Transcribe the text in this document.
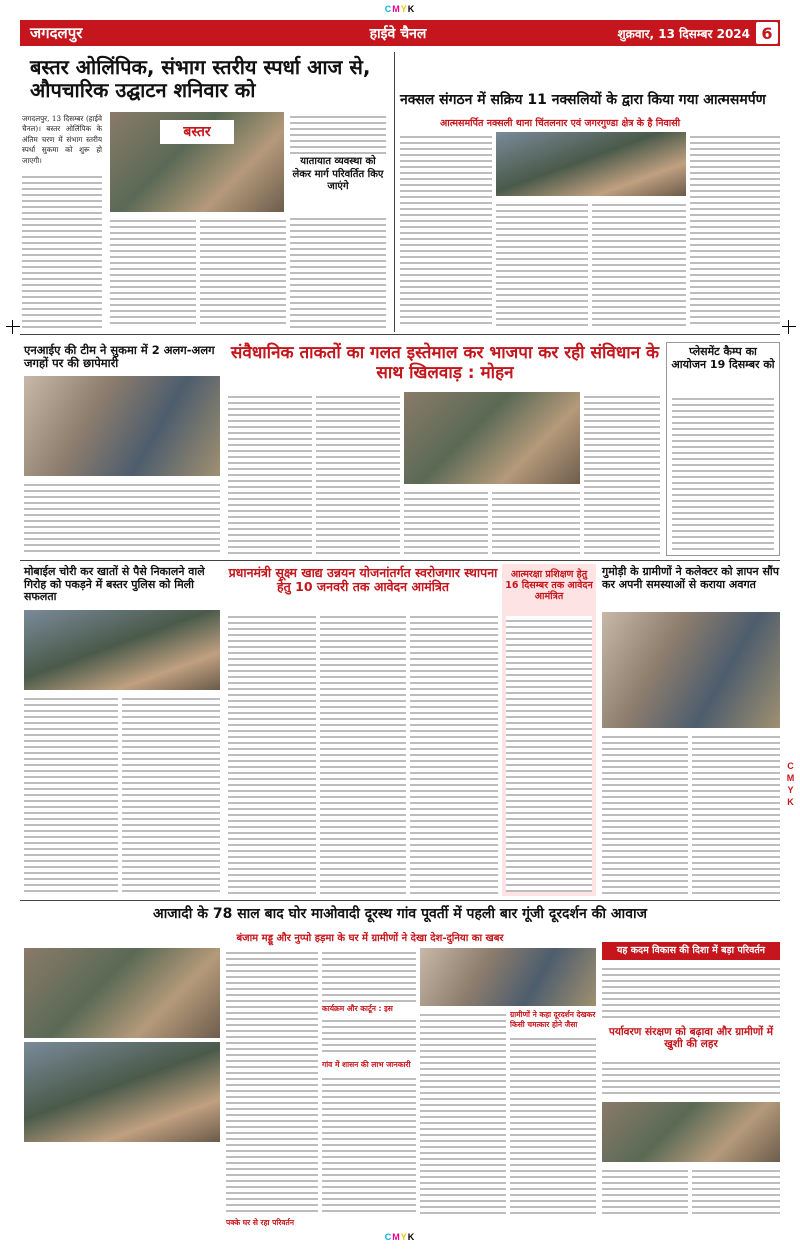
CMYK
C M Y K
जगदलपुर	हाईवे चैनल	शुक्रवार, 13 दिसम्बर 2024 6
बस्तर ओलिंपिक, संभाग स्तरीय स्पर्धा आज से, औपचारिक उद्घाटन शनिवार को
जगदलपुर, 13 दिसम्बर (हाईवे चैनल)। बस्तर ओलिंपिक के अंतिम चरण में संभाग स्तरीय स्पर्धा सुकमा को शुरू हो जाएगी।
बस्तर
यातायात व्यवस्था को लेकर मार्ग परिवर्तित किए जाएंगे
नक्सल संगठन में सक्रिय 11 नक्सलियों के द्वारा किया गया आत्मसमर्पण
आत्मसमर्पित नक्सली थाना चिंतलनार एवं जगरगुण्डा क्षेत्र के है निवासी
एनआईए की टीम ने सुकमा में 2 अलग-अलग जगहों पर की छापेमारी
संवैधानिक ताकतों का गलत इस्तेमाल कर भाजपा कर रही संविधान के साथ खिलवाड़ : मोहन
प्लेसमेंट कैम्प का आयोजन 19 दिसम्बर को
मोबाईल चोरी कर खातों से पैसे निकालने वाले गिरोह को पकड़ने में बस्तर पुलिस को मिली सफलता
प्रधानमंत्री सूक्ष्म खाद्य उन्नयन योजनांतर्गत स्वरोजगार स्थापना हेतु 10 जनवरी तक आवेदन आमंत्रित
आत्मरक्षा प्रशिक्षण हेतु 16 दिसम्बर तक आवेदन आमंत्रित
गुमोड़ी के ग्रामीणों ने कलेक्टर को ज्ञापन सौंप कर अपनी समस्याओं से कराया अवगत
आजादी के 78 साल बाद घोर माओवादी दूरस्थ गांव पूवर्ती में पहली बार गूंजी दूरदर्शन की आवाज
बंजाम मड्डू और नुप्पो हड़मा के घर में ग्रामीणों ने देखा देश-दुनिया का खबर
कार्यक्रम और कार्टून : इस
गांव में शासन की लाभ जानकारी
ग्रामीणों ने कहा दूरदर्शन देखकर किसी चमत्कार होने जैसा
पक्के घर से रहा परिवर्तन
यह कदम विकास की दिशा में बड़ा परिवर्तन
पर्यावरण संरक्षण को बढ़ावा और ग्रामीणों में खुशी की लहर
CMYK
